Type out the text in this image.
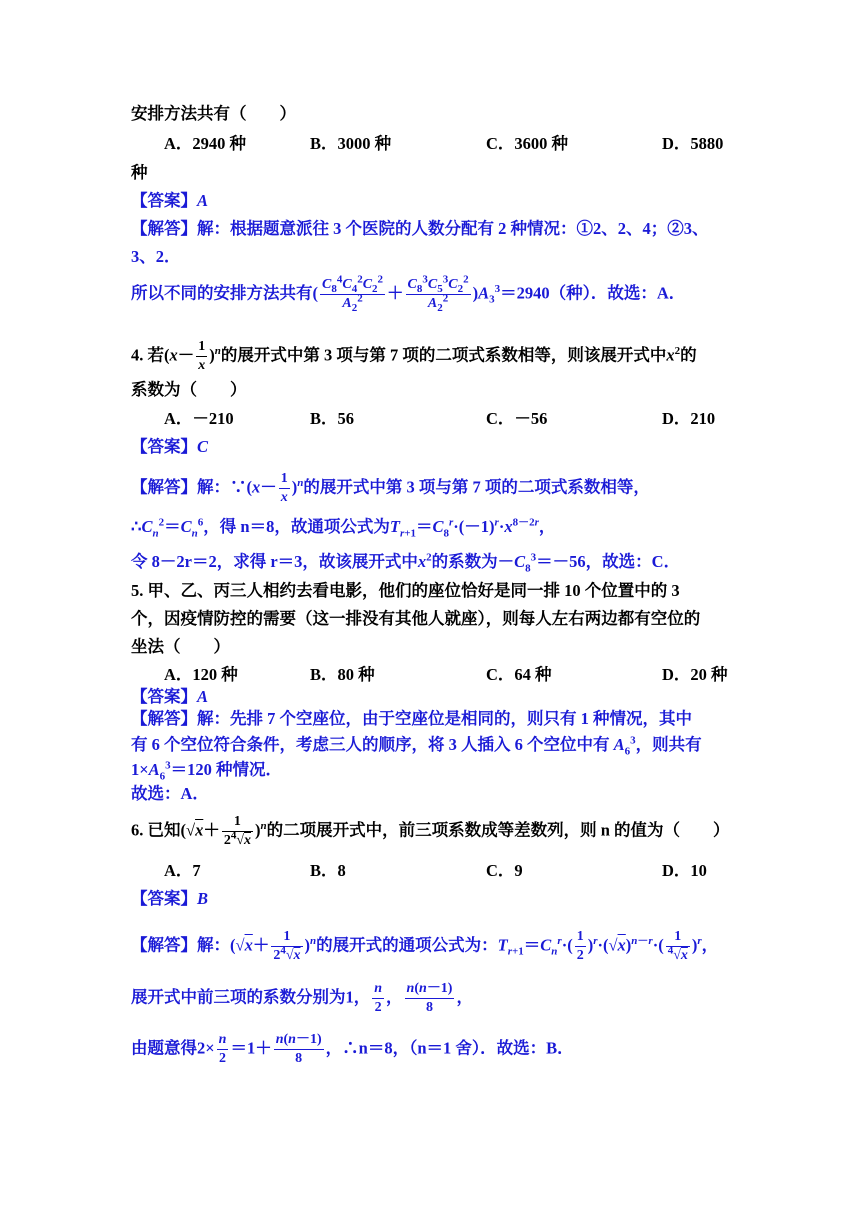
安排方法共有（　　）
A．2940 种	B．3000 种	C．3600 种	D．5880
种
【答案】A
【解答】解：根据题意派往 3 个医院的人数分配有 2 种情况：①2、2、4；②3、
3、2．
所以不同的安排方法共有( $\frac{C_8^4C_4^2C_2^2}{A_2^2} + \frac{C_8^3C_5^3C_2^2}{A_2^2} )A_3^3=2940$（种）．故选：A．
4. 若$(x- \frac{1}{x} )^n$的展开式中第 3 项与第 7 项的二项式系数相等，则该展开式中$x^2$的
系数为（　　）
A．－210	B．56	C．－56	D．210
【答案】C
【解答】解：∵(x－ $\frac{1}{x} )^n$的展开式中第 3 项与第 7 项的二项式系数相等，
$\therefore C_n^2=C_n^6$，得 n＝8，故通项公式为$T_{r+1}=C_8^r\cdot(-1)^r\cdot x^{8-2r}$，
令 8－2r＝2，求得 r＝3，故该展开式中$x^2$的系数为$-C_8^3=-56$，故选：C．
5. 甲、乙、丙三人相约去看电影，他们的座位恰好是同一排 10 个位置中的 3
个，因疫情防控的需要（这一排没有其他人就座），则每人左右两边都有空位的
坐法（　　）
A．120 种	B．80 种	C．64 种	D．20 种
【答案】A
【解答】解：先排 7 个空座位，由于空座位是相同的，则只有 1 种情况，其中
有 6 个空位符合条件，考虑三人的顺序，将 3 人插入 6 个空位中有 $A_6^3$，则共有
$1\times A_6^3=120$ 种情况．
故选：A．
6. 已知$(√x+ \frac{1}{2^4√x} )^n$的二项展开式中，前三项系数成等差数列，则 n 的值为（　　）
A．7	B．8	C．9	D．10
【答案】B
【解答】解：$(√x+ \frac{1}{2^4√x} )^n$的展开式的通项公式为：$T_{r+1}=C_n^r\cdot( \frac{1}{2} )^r\cdot(√x)^{n-r}\cdot( \frac{1}{^4√x} )^r$，
展开式中前三项的系数分别为1， $\frac{n}{2}$ ， $\frac{n(n-1)}{8}$ ，
由题意得$2\times \frac{n}{2} =1+ \frac{n(n-1)}{8}$ ，∴n＝8，（n＝1 舍）．故选：B．
